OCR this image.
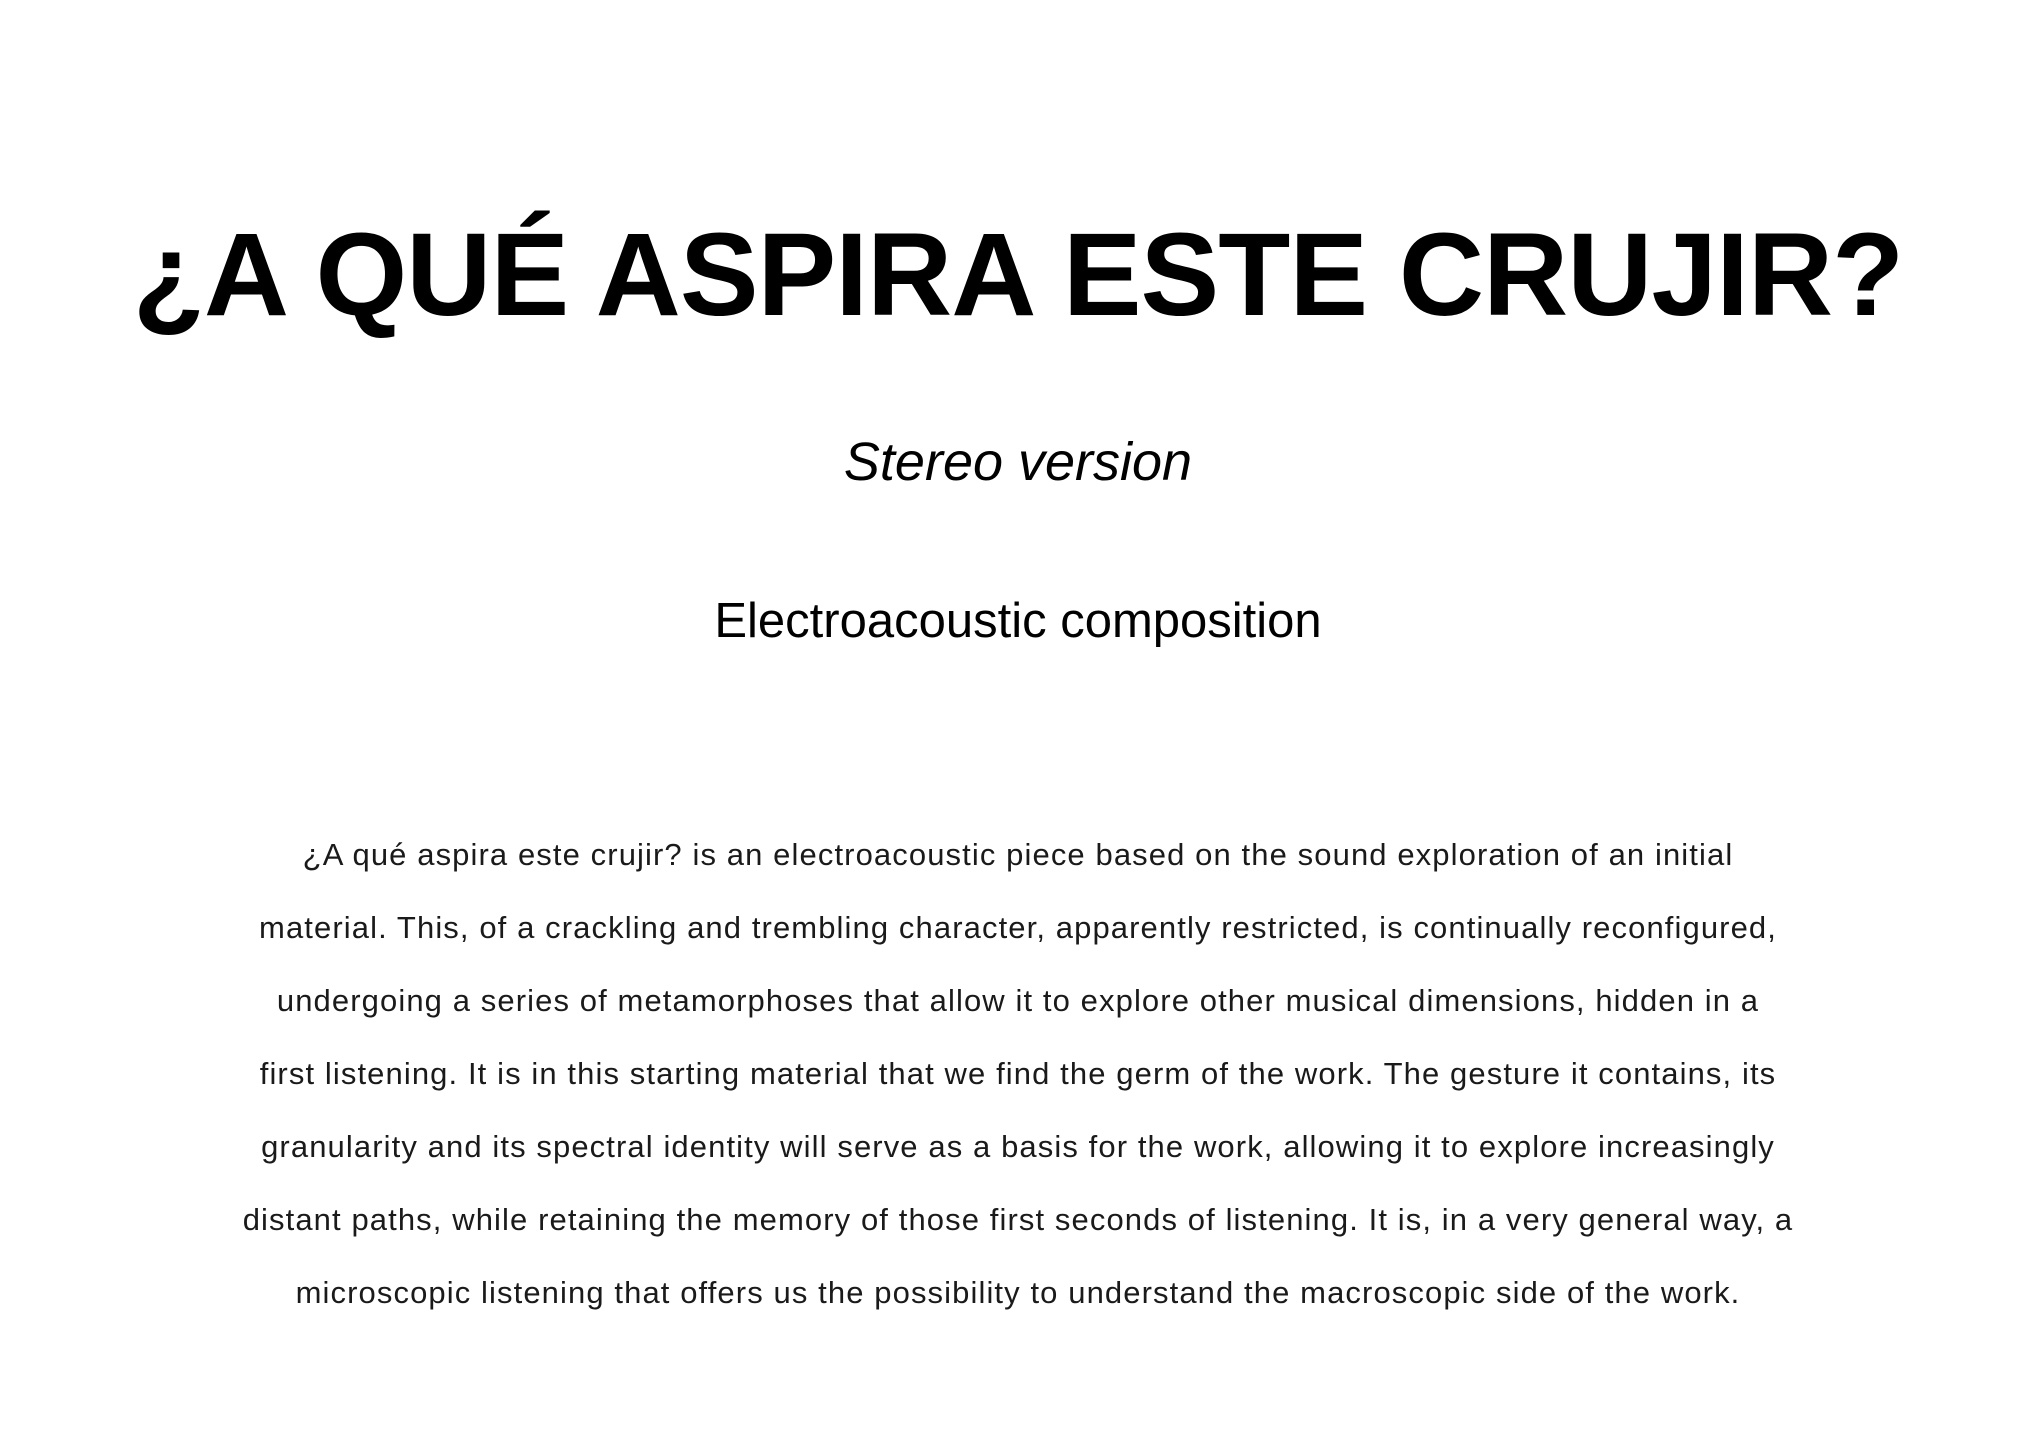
¿A QUÉ ASPIRA ESTE CRUJIR?

Stereo version

Electroacoustic composition

¿A qué aspira este crujir? is an electroacoustic piece based on the sound exploration of an initial
material. This, of a crackling and trembling character, apparently restricted, is continually reconfigured,
undergoing a series of metamorphoses that allow it to explore other musical dimensions, hidden in a
first listening. It is in this starting material that we find the germ of the work. The gesture it contains, its
granularity and its spectral identity will serve as a basis for the work, allowing it to explore increasingly
distant paths, while retaining the memory of those first seconds of listening. It is, in a very general way, a
microscopic listening that offers us the possibility to understand the macroscopic side of the work.
